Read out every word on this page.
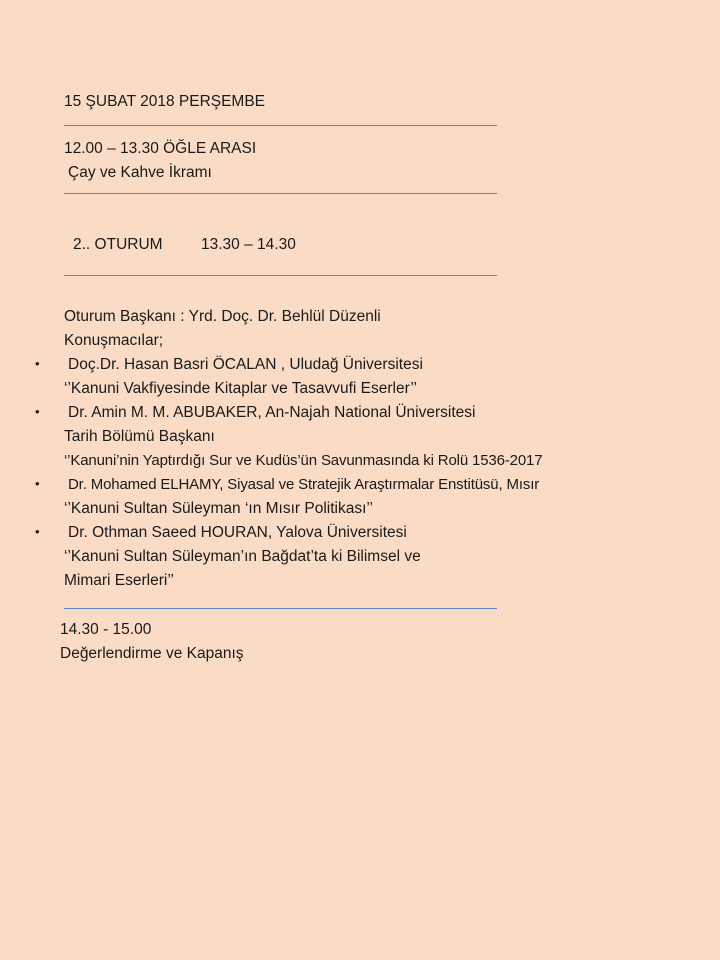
15 ŞUBAT 2018 PERŞEMBE
12.00 – 13.30 ÖĞLE ARASI
Çay ve Kahve İkramı
2.. OTURUM 13.30 – 14.30
Oturum Başkanı : Yrd. Doç. Dr. Behlül Düzenli
Konuşmacılar;
• Doç.Dr. Hasan Basri ÖCALAN , Uludağ Üniversitesi
‘’Kanuni Vakfiyesinde Kitaplar ve Tasavvufi Eserler’’
• Dr. Amin M. M. ABUBAKER, An-Najah National Üniversitesi
Tarih Bölümü Başkanı
‘’Kanuni’nin Yaptırdığı Sur ve Kudüs’ün Savunmasında ki Rolü 1536-2017
• Dr. Mohamed ELHAMY, Siyasal ve Stratejik Araştırmalar Enstitüsü, Mısır
‘’Kanuni Sultan Süleyman ‘ın Mısır Politikası’’
• Dr. Othman Saeed HOURAN, Yalova Üniversitesi
‘’Kanuni Sultan Süleyman’ın Bağdat’ta ki Bilimsel ve
Mimari Eserleri’’
14.30 - 15.00
Değerlendirme ve Kapanış
